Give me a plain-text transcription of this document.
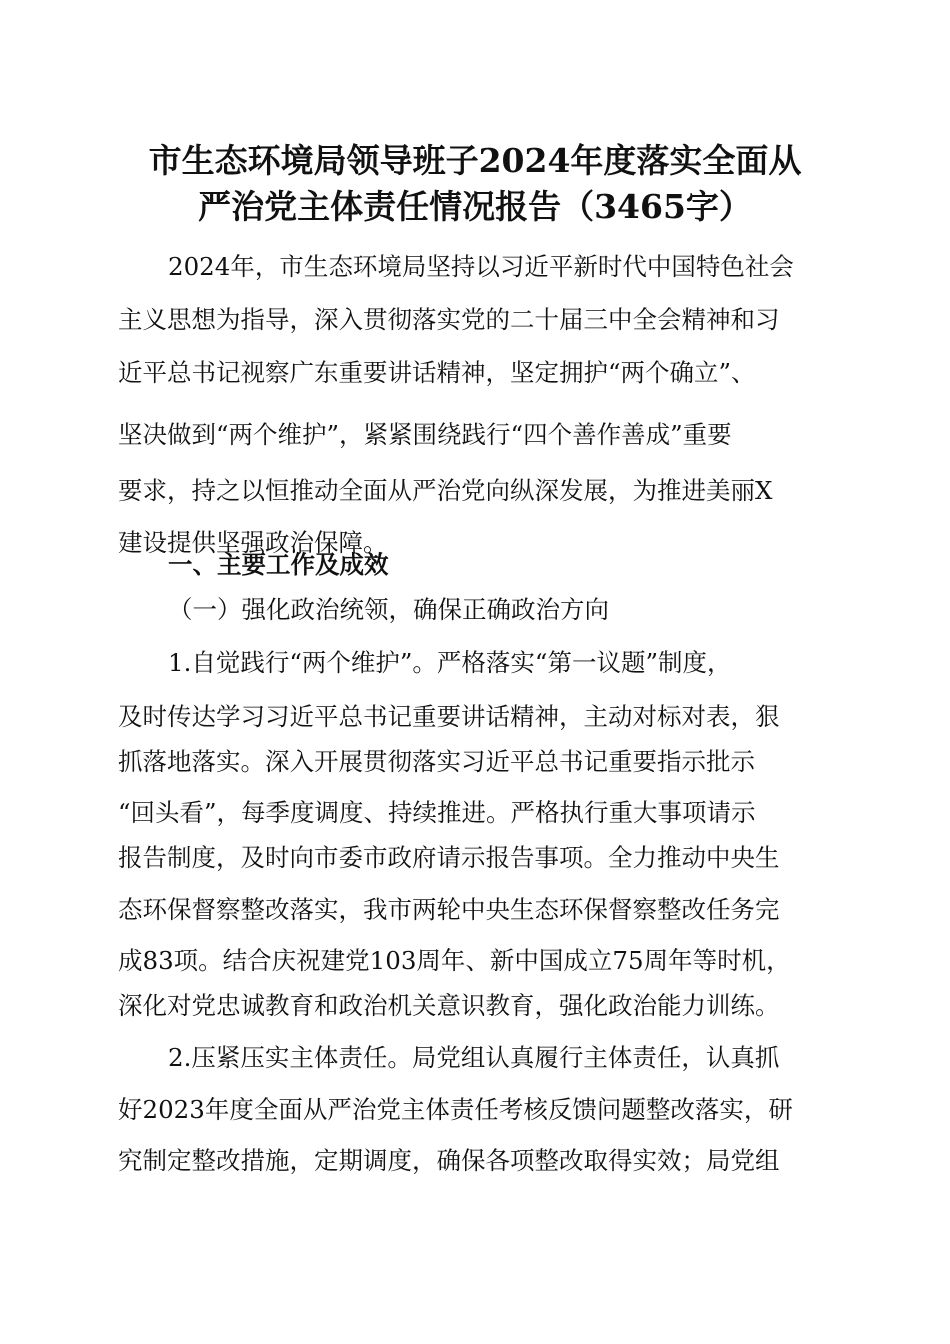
市生态环境局领导班子2024年度落实全面从
严治党主体责任情况报告（3465字）
2024年，市生态环境局坚持以习近平新时代中国特色社会
主义思想为指导，深入贯彻落实党的二十届三中全会精神和习
近平总书记视察广东重要讲话精神，坚定拥护“两个确立”、
坚决做到“两个维护”，紧紧围绕践行“四个善作善成”重要
要求，持之以恒推动全面从严治党向纵深发展，为推进美丽X
建设提供坚强政治保障。
一、主要工作及成效
（一）强化政治统领，确保正确政治方向
1.自觉践行“两个维护”。严格落实“第一议题”制度，
及时传达学习习近平总书记重要讲话精神，主动对标对表，狠
抓落地落实。深入开展贯彻落实习近平总书记重要指示批示
“回头看”，每季度调度、持续推进。严格执行重大事项请示
报告制度，及时向市委市政府请示报告事项。全力推动中央生
态环保督察整改落实，我市两轮中央生态环保督察整改任务完
成83项。结合庆祝建党103周年、新中国成立75周年等时机，
深化对党忠诚教育和政治机关意识教育，强化政治能力训练。
2.压紧压实主体责任。局党组认真履行主体责任，认真抓
好2023年度全面从严治党主体责任考核反馈问题整改落实，研
究制定整改措施，定期调度，确保各项整改取得实效；局党组
